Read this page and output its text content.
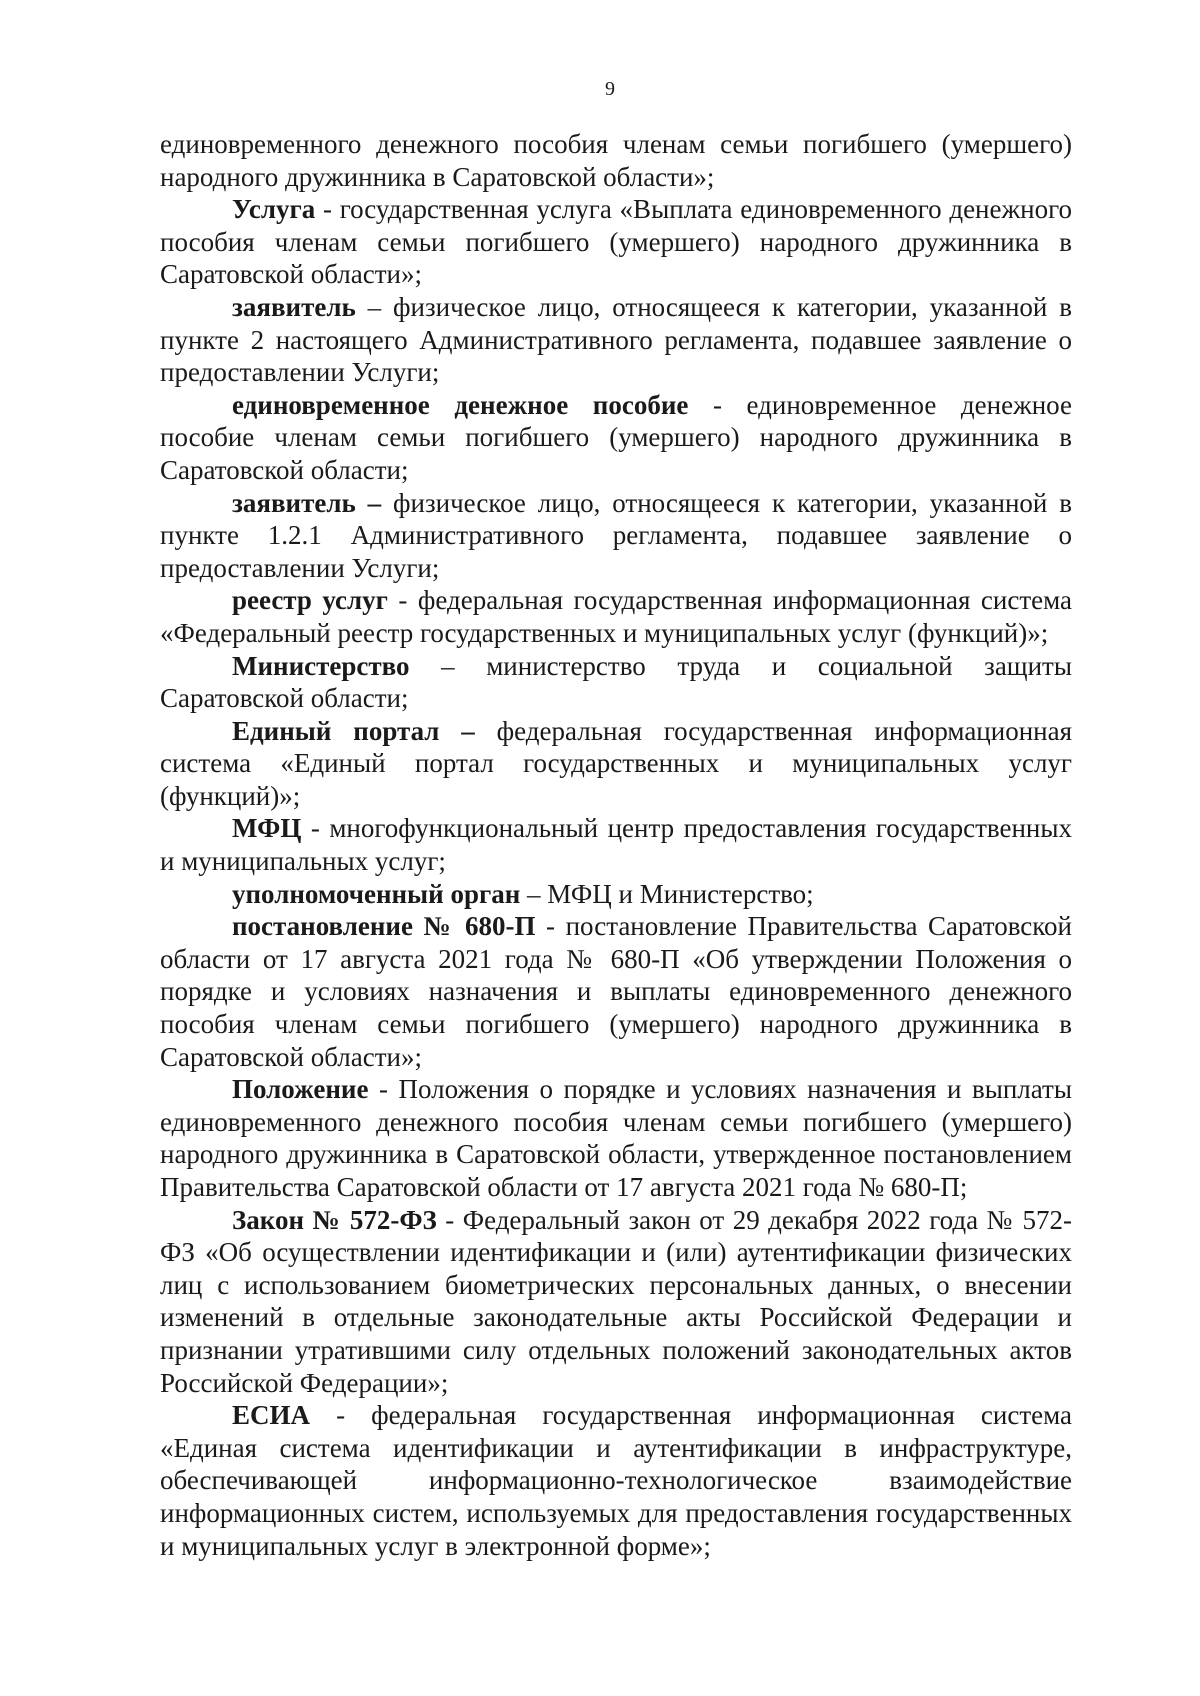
9

единовременного денежного пособия членам семьи погибшего (умершего) народного дружинника в Саратовской области»;

Услуга - государственная услуга «Выплата единовременного денежного пособия членам семьи погибшего (умершего) народного дружинника в Саратовской области»;

заявитель – физическое лицо, относящееся к категории, указанной в пункте 2 настоящего Административного регламента, подавшее заявление о предоставлении Услуги;

единовременное денежное пособие - единовременное денежное пособие членам семьи погибшего (умершего) народного дружинника в Саратовской области;

заявитель – физическое лицо, относящееся к категории, указанной в пункте 1.2.1 Административного регламента, подавшее заявление о предоставлении Услуги;

реестр услуг - федеральная государственная информационная система «Федеральный реестр государственных и муниципальных услуг (функций)»;

Министерство – министерство труда и социальной защиты Саратовской области;

Единый портал – федеральная государственная информационная система «Единый портал государственных и муниципальных услуг (функций)»;

МФЦ - многофункциональный центр предоставления государственных и муниципальных услуг;

уполномоченный орган – МФЦ и Министерство;

постановление № 680-П - постановление Правительства Саратовской области от 17 августа 2021 года № 680-П «Об утверждении Положения о порядке и условиях назначения и выплаты единовременного денежного пособия членам семьи погибшего (умершего) народного дружинника в Саратовской области»;

Положение - Положения о порядке и условиях назначения и выплаты единовременного денежного пособия членам семьи погибшего (умершего) народного дружинника в Саратовской области, утвержденное постановлением Правительства Саратовской области от 17 августа 2021 года № 680-П;

Закон № 572-ФЗ - Федеральный закон от 29 декабря 2022 года № 572-ФЗ «Об осуществлении идентификации и (или) аутентификации физических лиц с использованием биометрических персональных данных, о внесении изменений в отдельные законодательные акты Российской Федерации и признании утратившими силу отдельных положений законодательных актов Российской Федерации»;

ЕСИА - федеральная государственная информационная система «Единая система идентификации и аутентификации в инфраструктуре, обеспечивающей информационно-технологическое взаимодействие информационных систем, используемых для предоставления государственных и муниципальных услуг в электронной форме»;
